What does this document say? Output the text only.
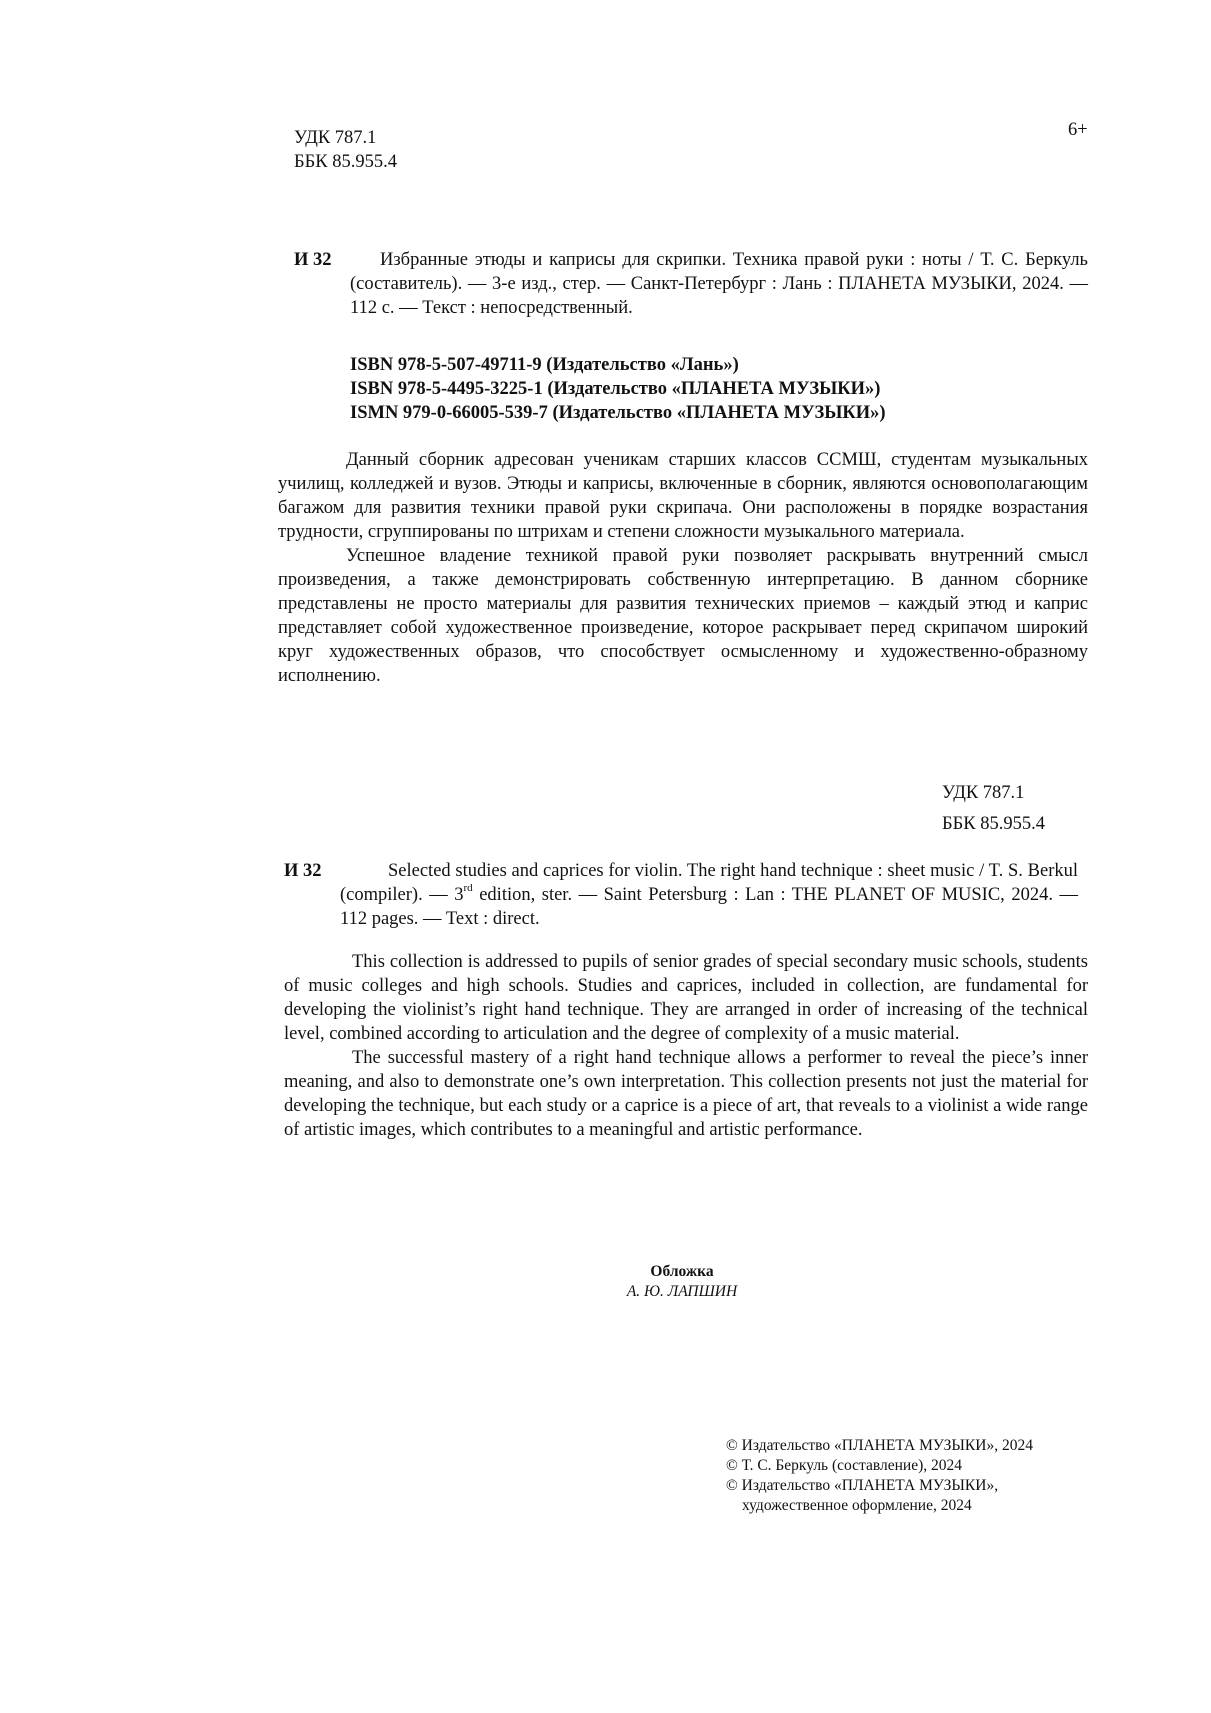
УДК 787.1
ББК 85.955.4
6+
И 32	Избранные этюды и каприсы для скрипки. Техника правой руки : ноты / Т. С. Беркуль (составитель). — 3-е изд., стер. — Санкт-Петербург : Лань : ПЛАНЕТА МУЗЫКИ, 2024. — 112 с. — Текст : непосредственный.
ISBN 978-5-507-49711-9 (Издательство «Лань»)
ISBN 978-5-4495-3225-1 (Издательство «ПЛАНЕТА МУЗЫКИ»)
ISMN 979-0-66005-539-7 (Издательство «ПЛАНЕТА МУЗЫКИ»)
Данный сборник адресован ученикам старших классов ССМШ, студентам музыкальных училищ, колледжей и вузов. Этюды и каприсы, включенные в сборник, являются основополагающим багажом для развития техники правой руки скрипача. Они расположены в порядке возрастания трудности, сгруппированы по штрихам и степени сложности музыкального материала.
Успешное владение техникой правой руки позволяет раскрывать внутренний смысл произведения, а также демонстрировать собственную интерпретацию. В данном сборнике представлены не просто материалы для развития технических приемов – каждый этюд и каприс представляет собой художественное произведение, которое раскрывает перед скрипачом широкий круг художественных образов, что способствует осмысленному и художественно-образному исполнению.
УДК 787.1
ББК 85.955.4
И 32	Selected studies and caprices for violin. The right hand technique : sheet music / T. S. Berkul (compiler). — 3rd edition, ster. — Saint Petersburg : Lan : THE PLANET OF MUSIC, 2024. — 112 pages. — Text : direct.
This collection is addressed to pupils of senior grades of special secondary music schools, students of music colleges and high schools. Studies and caprices, included in collection, are fundamental for developing the violinist’s right hand technique. They are arranged in order of increasing of the technical level, combined according to articulation and the degree of complexity of a music material.
The successful mastery of a right hand technique allows a performer to reveal the piece’s inner meaning, and also to demonstrate one’s own interpretation. This collection presents not just the material for developing the technique, but each study or a caprice is a piece of art, that reveals to a violinist a wide range of artistic images, which contributes to a meaningful and artistic performance.
Обложка
А. Ю. ЛАПШИН
© Издательство «ПЛАНЕТА МУЗЫКИ», 2024
© Т. С. Беркуль (составление), 2024
© Издательство «ПЛАНЕТА МУЗЫКИ»,
художественное оформление, 2024
